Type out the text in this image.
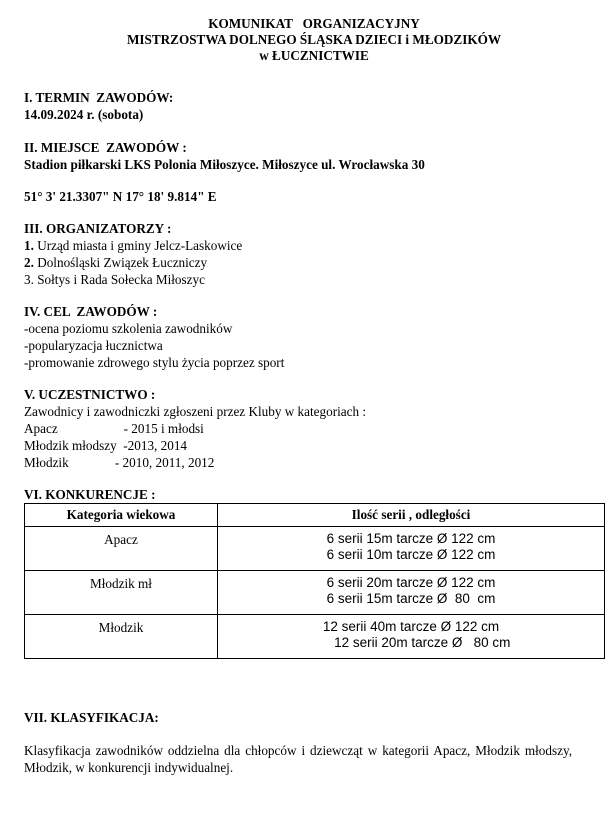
KOMUNIKAT   ORGANIZACYJNY
MISTRZOSTWA DOLNEGO ŚLĄSKA DZIECI i MŁODZIKÓW
w ŁUCZNICTWIE
I. TERMIN  ZAWODÓW:
14.09.2024 r. (sobota)
II. MIEJSCE  ZAWODÓW :
Stadion piłkarski LKS Polonia Miłoszyce. Miłoszyce ul. Wrocławska 30
51° 3' 21.3307" N 17° 18' 9.814" E
III. ORGANIZATORZY :
1. Urząd miasta i gminy Jelcz-Laskowice
2. Dolnośląski Związek Łuczniczy
3. Sołtys i Rada Sołecka Miłoszyc
IV. CEL  ZAWODÓW :
-ocena poziomu szkolenia zawodników
-popularyzacja łucznictwa
-promowanie zdrowego stylu życia poprzez sport
V. UCZESTNICTWO :
Zawodnicy i zawodniczki zgłoszeni przez Kluby w kategoriach :
Apacz                    - 2015 i młodsi
Młodzik młodszy  -2013, 2014
Młodzik              - 2010, 2011, 2012
VI. KONKURENCJE :
Kategoria wiekowa	Ilość serii , odległości
Apacz	6 serii 15m tarcze Ø 122 cm
6 serii 10m tarcze Ø 122 cm

Młodzik mł	6 serii 20m tarcze Ø 122 cm
6 serii 15m tarcze Ø  80  cm

Młodzik	12 serii 40m tarcze Ø 122 cm
12 serii 20m tarcze Ø   80 cm
VII. KLASYFIKACJA:
Klasyfikacja zawodników oddzielna dla chłopców i dziewcząt w kategorii Apacz, Młodzik młodszy, Młodzik, w konkurencji indywidualnej.
